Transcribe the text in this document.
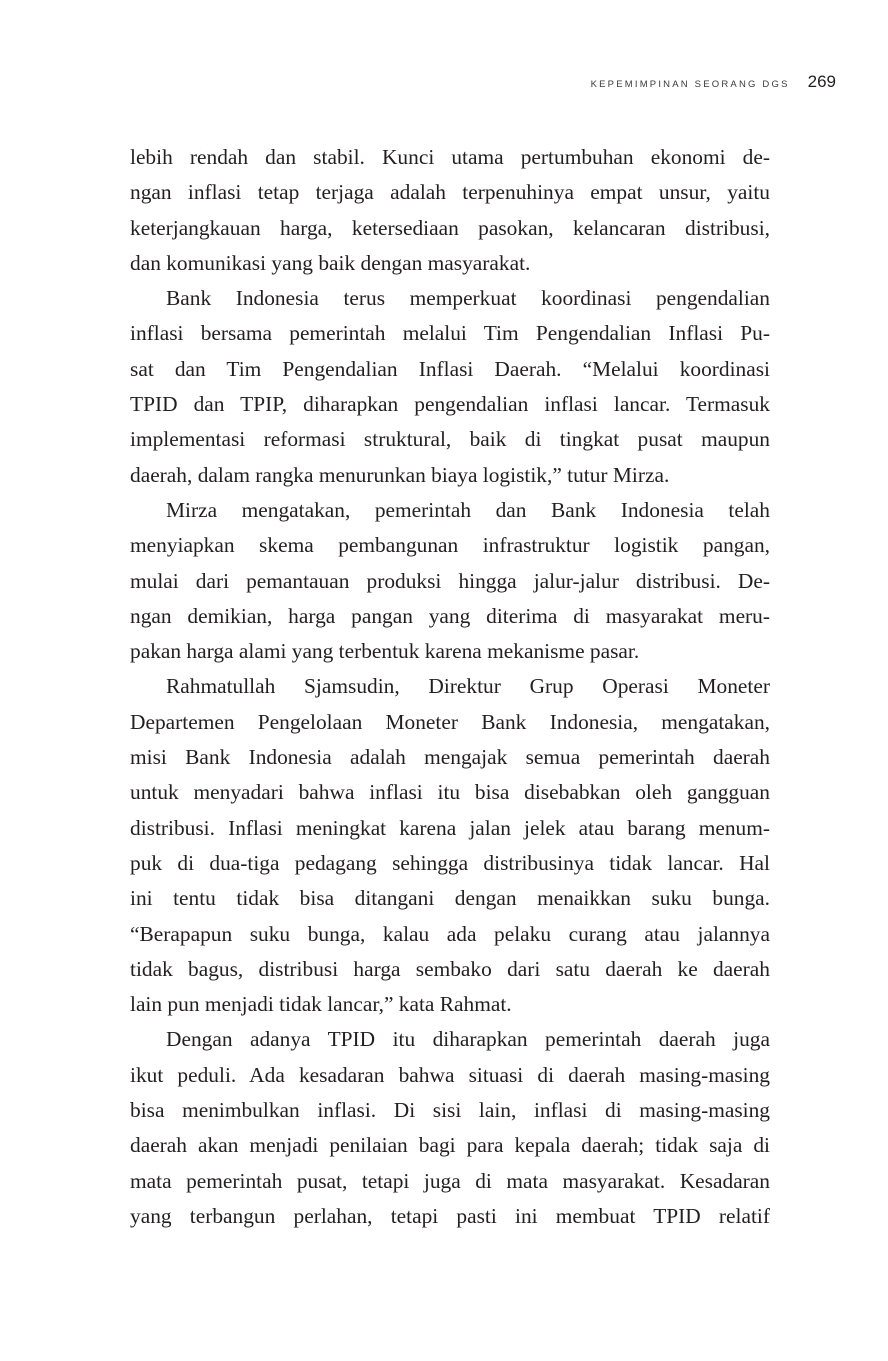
KEPEMIMPINAN SEORANG DGS 269

lebih rendah dan stabil. Kunci utama pertumbuhan ekonomi de-
ngan inflasi tetap terjaga adalah terpenuhinya empat unsur, yaitu
keterjangkauan harga, ketersediaan pasokan, kelancaran distribusi,
dan komunikasi yang baik dengan masyarakat.

Bank Indonesia terus memperkuat koordinasi pengendalian
inflasi bersama pemerintah melalui Tim Pengendalian Inflasi Pu-
sat dan Tim Pengendalian Inflasi Daerah. “Melalui koordinasi
TPID dan TPIP, diharapkan pengendalian inflasi lancar. Termasuk
implementasi reformasi struktural, baik di tingkat pusat maupun
daerah, dalam rangka menurunkan biaya logistik,” tutur Mirza.

Mirza mengatakan, pemerintah dan Bank Indonesia telah
menyiapkan skema pembangunan infrastruktur logistik pangan,
mulai dari pemantauan produksi hingga jalur-jalur distribusi. De-
ngan demikian, harga pangan yang diterima di masyarakat meru-
pakan harga alami yang terbentuk karena mekanisme pasar.

Rahmatullah Sjamsudin, Direktur Grup Operasi Moneter
Departemen Pengelolaan Moneter Bank Indonesia, mengatakan,
misi Bank Indonesia adalah mengajak semua pemerintah daerah
untuk menyadari bahwa inflasi itu bisa disebabkan oleh gangguan
distribusi. Inflasi meningkat karena jalan jelek atau barang menum-
puk di dua-tiga pedagang sehingga distribusinya tidak lancar. Hal
ini tentu tidak bisa ditangani dengan menaikkan suku bunga.
“Berapapun suku bunga, kalau ada pelaku curang atau jalannya
tidak bagus, distribusi harga sembako dari satu daerah ke daerah
lain pun menjadi tidak lancar,” kata Rahmat.

Dengan adanya TPID itu diharapkan pemerintah daerah juga
ikut peduli. Ada kesadaran bahwa situasi di daerah masing-masing
bisa menimbulkan inflasi. Di sisi lain, inflasi di masing-masing
daerah akan menjadi penilaian bagi para kepala daerah; tidak saja di
mata pemerintah pusat, tetapi juga di mata masyarakat. Kesadaran
yang terbangun perlahan, tetapi pasti ini membuat TPID relatif
